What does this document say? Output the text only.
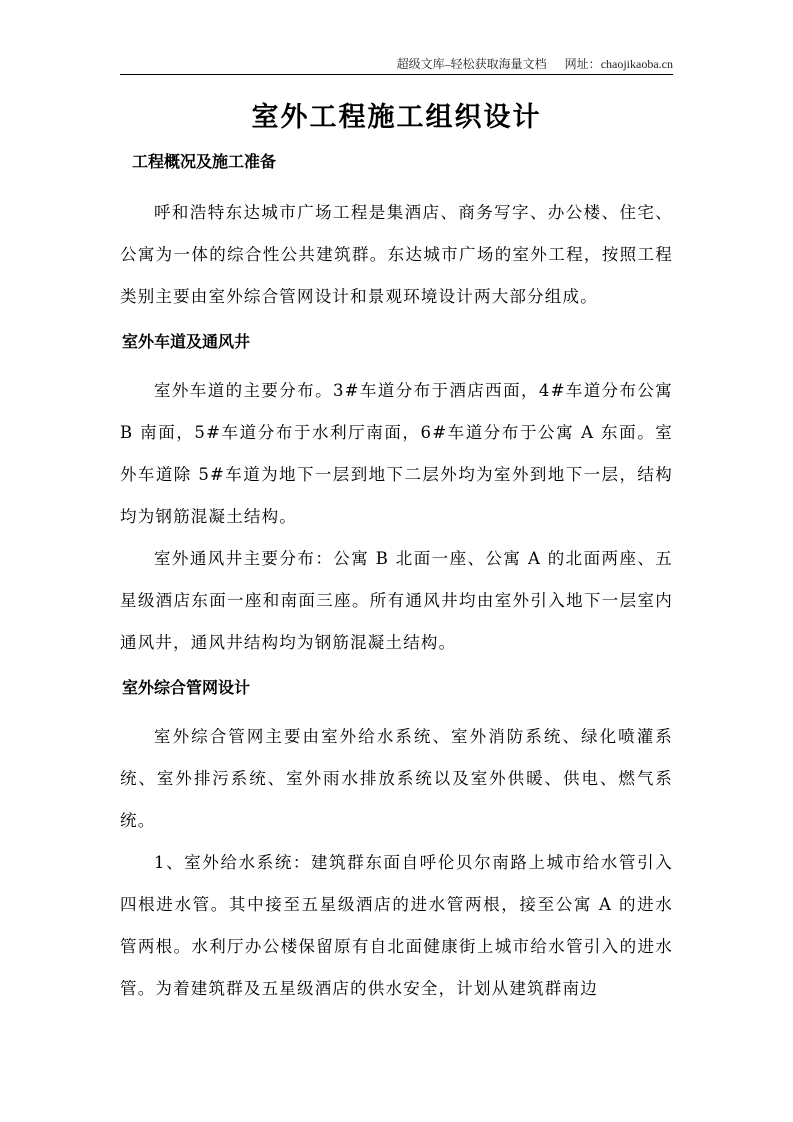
超级文库–轻松获取海量文档 网址：chaojikaoba.cn
室外工程施工组织设计
工程概况及施工准备

呼和浩特东达城市广场工程是集酒店、商务写字、办公楼、住宅、公寓为一体的综合性公共建筑群。东达城市广场的室外工程，按照工程类别主要由室外综合管网设计和景观环境设计两大部分组成。

室外车道及通风井

室外车道的主要分布。3#车道分布于酒店西面，4#车道分布公寓 B 南面，5#车道分布于水利厅南面，6#车道分布于公寓 A 东面。室外车道除 5#车道为地下一层到地下二层外均为室外到地下一层，结构均为钢筋混凝土结构。

室外通风井主要分布：公寓 B 北面一座、公寓 A 的北面两座、五星级酒店东面一座和南面三座。所有通风井均由室外引入地下一层室内通风井，通风井结构均为钢筋混凝土结构。

室外综合管网设计

室外综合管网主要由室外给水系统、室外消防系统、绿化喷灌系统、室外排污系统、室外雨水排放系统以及室外供暖、供电、燃气系统。

1、室外给水系统：建筑群东面自呼伦贝尔南路上城市给水管引入四根进水管。其中接至五星级酒店的进水管两根，接至公寓 A 的进水管两根。水利厅办公楼保留原有自北面健康街上城市给水管引入的进水管。为着建筑群及五星级酒店的供水安全，计划从建筑群南边
